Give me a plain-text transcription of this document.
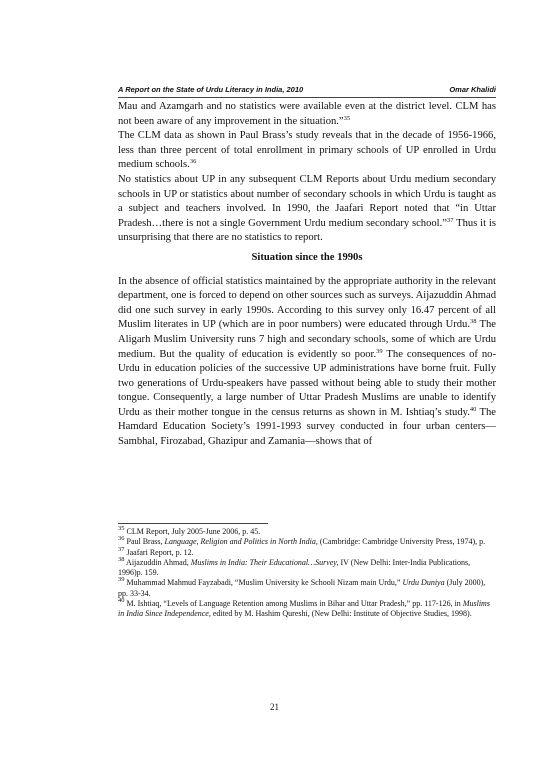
A Report on the State of Urdu Literacy in India, 2010	Omar Khalidi

Mau and Azamgarh and no statistics were available even at the district level. CLM has not been aware of any improvement in the situation.”$^{35}$

The CLM data as shown in Paul Brass’s study reveals that in the decade of 1956-1966, less than three percent of total enrollment in primary schools of UP enrolled in Urdu medium schools.$^{36}$

No statistics about UP in any subsequent CLM Reports about Urdu medium secondary schools in UP or statistics about number of secondary schools in which Urdu is taught as a subject and teachers involved. In 1990, the Jaafari Report noted that “in Uttar Pradesh…there is not a single Government Urdu medium secondary school.”$^{37}$ Thus it is unsurprising that there are no statistics to report.

Situation since the 1990s

In the absence of official statistics maintained by the appropriate authority in the relevant department, one is forced to depend on other sources such as surveys. Aijazuddin Ahmad did one such survey in early 1990s. According to this survey only 16.47 percent of all Muslim literates in UP (which are in poor numbers) were educated through Urdu.$^{38}$ The Aligarh Muslim University runs 7 high and secondary schools, some of which are Urdu medium. But the quality of education is evidently so poor.$^{39}$ The consequences of no-Urdu in education policies of the successive UP administrations have borne fruit. Fully two generations of Urdu-speakers have passed without being able to study their mother tongue. Consequently, a large number of Uttar Pradesh Muslims are unable to identify Urdu as their mother tongue in the census returns as shown in M. Ishtiaq’s study.$^{40}$ The Hamdard Education Society’s 1991-1993 survey conducted in four urban centers—Sambhal, Firozabad, Ghazipur and Zamania—shows that of

$^{35}$ CLM Report, July 2005-June 2006, p. 45.
$^{36}$ Paul Brass, Language, Religion and Politics in North India, (Cambridge: Cambridge University Press, 1974), p.
$^{37}$ Jaafari Report, p. 12.
$^{38}$ Aijazuddin Ahmad, Muslims in India: Their Educational…Survey, IV (New Delhi: Inter-India Publications, 1996)p. 159.
$^{39}$ Muhammad Mahmud Fayzabadi, “Muslim University ke Schooli Nizam main Urdu,” Urdu Duniya (July 2000), pp. 33-34.
$^{40}$ M. Ishtiaq, “Levels of Language Retention among Muslims in Bihar and Uttar Pradesh,” pp. 117-126, in Muslims in India Since Independence, edited by M. Hashim Qureshi, (New Delhi: Institute of Objective Studies, 1998).
21
